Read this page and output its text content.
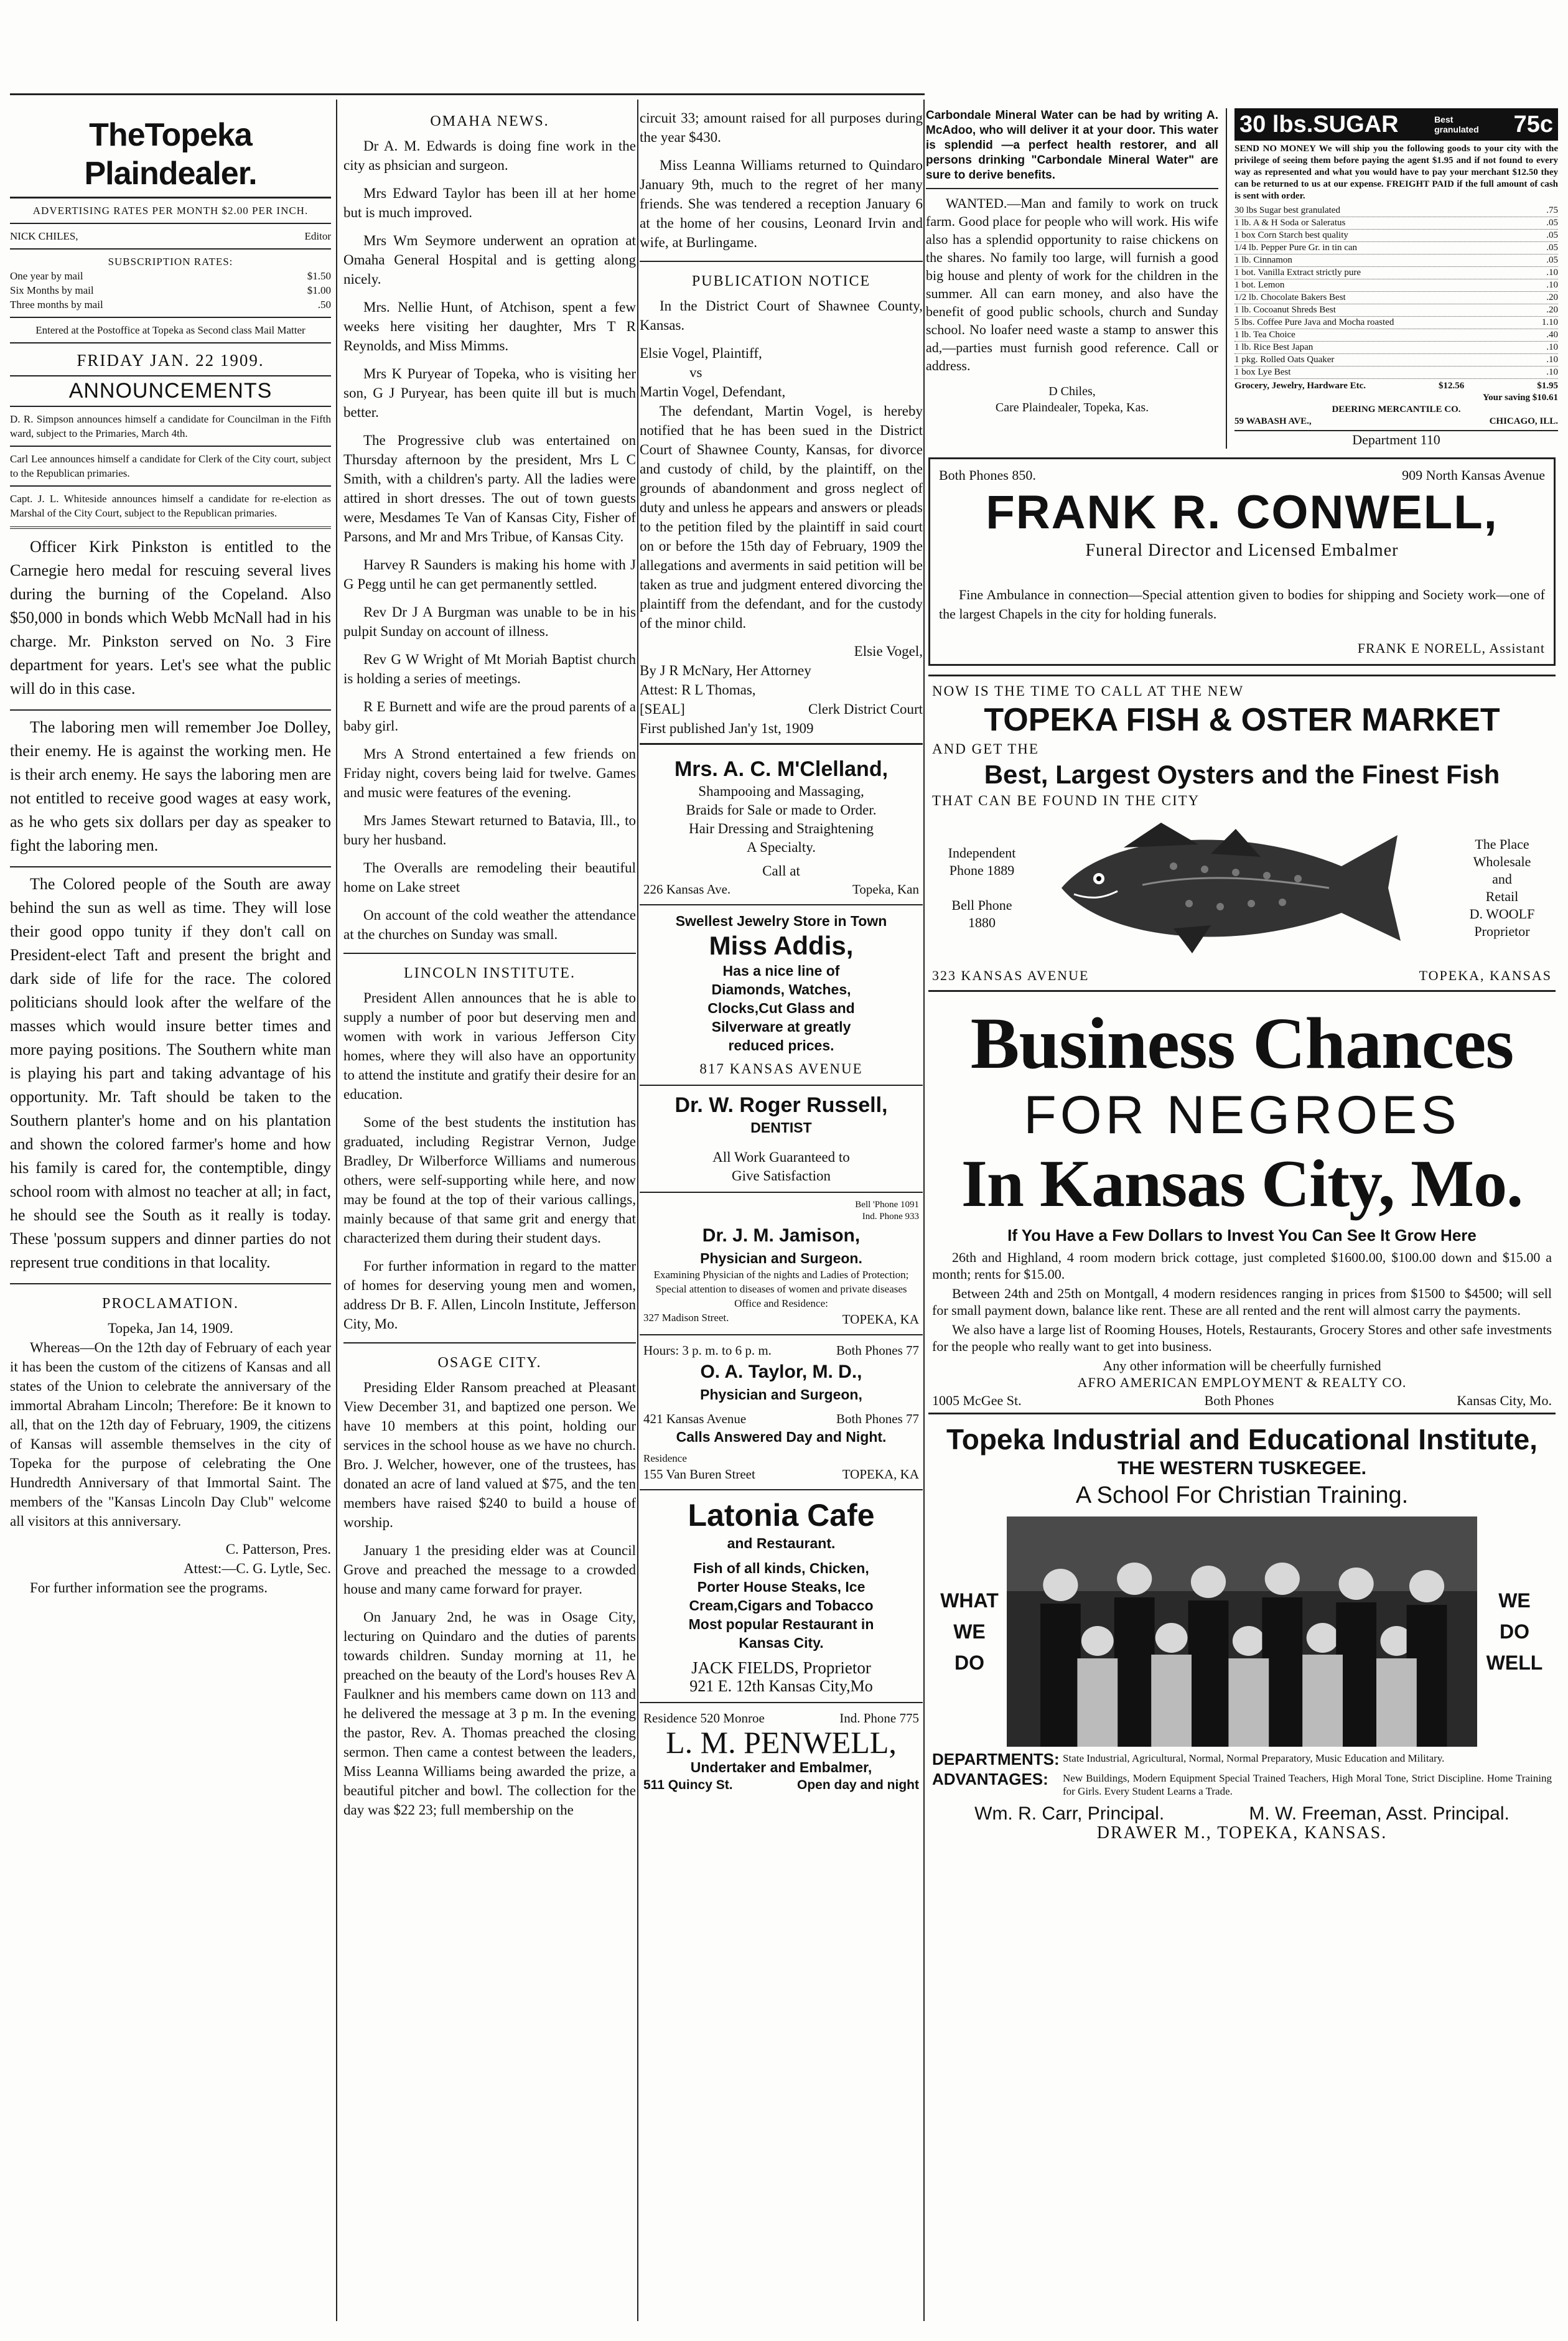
TheTopeka Plaindealer.
ADVERTISING RATES PER MONTH $2.00 PER INCH.
NICK CHILES,	Editor
SUBSCRIPTION RATES:
One year by mail	$1.50
Six Months by mail	$1.00
Three months by mail	.50
Entered at the Postoffice at Topeka as Second class Mail Matter
FRIDAY JAN. 22 1909.
ANNOUNCEMENTS
D. R. Simpson announces himself a candidate for Councilman in the Fifth ward, subject to the Primaries, March 4th.
Carl Lee announces himself a candidate for Clerk of the City court, subject to the Republican primaries.
Capt. J. L. Whiteside announces himself a candidate for re-election as Marshal of the City Court, subject to the Republican primaries.

Officer Kirk Pinkston is entitled to the Carnegie hero medal for rescuing several lives during the burning of the Copeland. Also $50,000 in bonds which Webb McNall had in his charge. Mr. Pinkston served on No. 3 Fire department for years. Let's see what the public will do in this case.

The laboring men will remember Joe Dolley, their enemy. He is against the working men. He is their arch enemy. He says the laboring men are not entitled to receive good wages at easy work, as he who gets six dollars per day as speaker to fight the laboring men.

The Colored people of the South are away behind the sun as well as time. They will lose their good oppo tunity if they don't call on President-elect Taft and present the bright and dark side of life for the race. The colored politicians should look after the welfare of the masses which would insure better times and more paying positions. The Southern white man is playing his part and taking advantage of his opportunity. Mr. Taft should be taken to the Southern planter's home and on his plantation and shown the colored farmer's home and how his family is cared for, the contemptible, dingy school room with almost no teacher at all; in fact, he should see the South as it really is today. These 'possum suppers and dinner parties do not represent true conditions in that locality.

PROCLAMATION.
Topeka, Jan 14, 1909.

Whereas—On the 12th day of February of each year it has been the custom of the citizens of Kansas and all states of the Union to celebrate the anniversary of the immortal Abraham Lincoln; Therefore: Be it known to all, that on the 12th day of February, 1909, the citizens of Kansas will assemble themselves in the city of Topeka for the purpose of celebrating the One Hundredth Anniversary of that Immortal Saint. The members of the "Kansas Lincoln Day Club" welcome all visitors at this anniversary.

C. Patterson, Pres.
Attest:—C. G. Lytle, Sec.

For further information see the programs.

OMAHA NEWS.

Dr A. M. Edwards is doing fine work in the city as phsician and surgeon.

Mrs Edward Taylor has been ill at her home but is much improved.

Mrs Wm Seymore underwent an opration at Omaha General Hospital and is getting along nicely.

Mrs. Nellie Hunt, of Atchison, spent a few weeks here visiting her daughter, Mrs T R Reynolds, and Miss Mimms.

Mrs K Puryear of Topeka, who is visiting her son, G J Puryear, has been quite ill but is much better.

The Progressive club was entertained on Thursday afternoon by the president, Mrs L C Smith, with a children's party. All the ladies were attired in short dresses. The out of town guests were, Mesdames Te Van of Kansas City, Fisher of Parsons, and Mr and Mrs Tribue, of Kansas City.

Harvey R Saunders is making his home with J G Pegg until he can get permanently settled.

Rev Dr J A Burgman was unable to be in his pulpit Sunday on account of illness.

Rev G W Wright of Mt Moriah Baptist church is holding a series of meetings.

R E Burnett and wife are the proud parents of a baby girl.

Mrs A Strond entertained a few friends on Friday night, covers being laid for twelve. Games and music were features of the evening.

Mrs James Stewart returned to Batavia, Ill., to bury her husband.

The Overalls are remodeling their beautiful home on Lake street

On account of the cold weather the attendance at the churches on Sunday was small.

LINCOLN INSTITUTE.

President Allen announces that he is able to supply a number of poor but deserving men and women with work in various Jefferson City homes, where they will also have an opportunity to attend the institute and gratify their desire for an education.

Some of the best students the institution has graduated, including Registrar Vernon, Judge Bradley, Dr Wilberforce Williams and numerous others, were self-supporting while here, and now may be found at the top of their various callings, mainly because of that same grit and energy that characterized them during their student days.

For further information in regard to the matter of homes for deserving young men and women, address Dr B. F. Allen, Lincoln Institute, Jefferson City, Mo.

OSAGE CITY.

Presiding Elder Ransom preached at Pleasant View December 31, and baptized one person. We have 10 members at this point, holding our services in the school house as we have no church. Bro. J. Welcher, however, one of the trustees, has donated an acre of land valued at $75, and the ten members have raised $240 to build a house of worship.

January 1 the presiding elder was at Council Grove and preached the message to a crowded house and many came forward for prayer.

On January 2nd, he was in Osage City, lecturing on Quindaro and the duties of parents towards children. Sunday morning at 11, he preached on the beauty of the Lord's houses Rev A Faulkner and his members came down on 113 and he delivered the message at 3 p m. In the evening the pastor, Rev. A. Thomas preached the closing sermon. Then came a contest between the leaders, Miss Leanna Williams being awarded the prize, a beautiful pitcher and bowl. The collection for the day was $22 23; full membership on the

circuit 33; amount raised for all purposes during the year $430.

Miss Leanna Williams returned to Quindaro January 9th, much to the regret of her many friends. She was tendered a reception January 6 at the home of her cousins, Leonard Irvin and wife, at Burlingame.

PUBLICATION NOTICE

In the District Court of Shawnee County, Kansas.

Elsie Vogel, Plaintiff,
vs
Martin Vogel, Defendant,

The defendant, Martin Vogel, is hereby notified that he has been sued in the District Court of Shawnee County, Kansas, for divorce and custody of child, by the plaintiff, on the grounds of abandonment and gross neglect of duty and unless he appears and answers or pleads to the petition filed by the plaintiff in said court on or before the 15th day of February, 1909 the allegations and averments in said petition will be taken as true and judgment entered divorcing the plaintiff from the defendant, and for the custody of the minor child.

Elsie Vogel,
By J R McNary, Her Attorney
Attest: R L Thomas,
[SEAL]	Clerk District Court
First published Jan'y 1st, 1909
Mrs. A. C. M'Clelland,
Shampooing and Massaging,
Braids for Sale or made to Order.
Hair Dressing and Straightening
A Specialty.
Call at
226 Kansas Ave.	Topeka, Kan
Swellest Jewelry Store in Town
Miss Addis,
Has a nice line of
Diamonds, Watches,
Clocks,Cut Glass and
Silverware at greatly
reduced prices.
817 KANSAS AVENUE
Dr. W. Roger Russell,
DENTIST
All Work Guaranteed to
Give Satisfaction
Bell 'Phone 1091
Ind. Phone 933
Dr. J. M. Jamison,
Physician and Surgeon.
Examining Physician of the nights and Ladies of Protection;
Special attention to diseases of women and private diseases
Office and Residence:
327 Madison Street.	TOPEKA, KA
Hours: 3 p. m. to 6 p. m.	Both Phones 77
O. A. Taylor, M. D.,
Physician and Surgeon,
421 Kansas Avenue	Both Phones 77
Calls Answered Day and Night.
Residence
155 Van Buren Street	TOPEKA, KA
Latonia Cafe
and Restaurant.
Fish of all kinds, Chicken,
Porter House Steaks, Ice
Cream,Cigars and Tobacco
Most popular Restaurant in
Kansas City.
JACK FIELDS, Proprietor
921 E. 12th Kansas City,Mo
Residence 520 Monroe	Ind. Phone 775
L. M. PENWELL,
Undertaker and Embalmer,
511 Quincy St.	Open day and night
Carbondale Mineral Water can be had by writing A. McAdoo, who will deliver it at your door. This water is splendid —a perfect health restorer, and all persons drinking "Carbondale Mineral Water" are sure to derive benefits.

WANTED.—Man and family to work on truck farm. Good place for people who will work. His wife also has a splendid opportunity to raise chickens on the shares. No family too large, will furnish a good big house and plenty of work for the children in the summer. All can earn money, and also have the benefit of good public schools, church and Sunday school. No loafer need waste a stamp to answer this ad,—parties must furnish good reference. Call or address.

D Chiles,
Care Plaindealer, Topeka, Kas.
30 lbs.SUGAR	Best granulated 75c
SEND NO MONEY We will ship you the following goods to your city with the privilege of seeing them before paying the agent $1.95 and if not found to every way as represented and what you would have to pay your merchant $12.50 they can be returned to us at our expense. FREIGHT PAID if the full amount of cash is sent with order.
30 lbs Sugar best granulated	.75
1 lb. A & H Soda or Saleratus	.05
1 box Corn Starch best quality	.05
1/4 lb. Pepper Pure Gr. in tin can	.05
1 lb. Cinnamon	.05
1 bot. Vanilla Extract strictly pure	.10
1 bot. Lemon	.10
1/2 lb. Chocolate Bakers Best	.20
1 lb. Cocoanut Shreds Best	.20
5 lbs. Coffee Pure Java and Mocha roasted	1.10
1 lb. Tea Choice	.40
1 lb. Rice Best Japan	.10
1 pkg. Rolled Oats Quaker	.10
1 box Lye Best	.10
Grocery, Jewelry, Hardware Etc.	$12.56	$1.95
Your saving $10.61
DEERING MERCANTILE CO.
59 WABASH AVE.,	CHICAGO, ILL.
Department 110
Both Phones 850.	909 North Kansas Avenue
FRANK R. CONWELL,
Funeral Director and Licensed Embalmer

Fine Ambulance in connection—Special attention given to bodies for shipping and Society work—one of the largest Chapels in the city for holding funerals.

FRANK E NORELL, Assistant
NOW IS THE TIME TO CALL AT THE NEW
TOPEKA FISH & OSTER MARKET
AND GET THE
Best, Largest Oysters and the Finest Fish
THAT CAN BE FOUND IN THE CITY
Independent
Phone 1889
Bell Phone
1880
The Place
Wholesale
and
Retail
D. WOOLF
Proprietor
323 KANSAS AVENUE	TOPEKA, KANSAS
Business Chances
FOR NEGROES
In Kansas City, Mo.
If You Have a Few Dollars to Invest You Can See It Grow Here

26th and Highland, 4 room modern brick cottage, just completed $1600.00, $100.00 down and $15.00 a month; rents for $15.00.

Between 24th and 25th on Montgall, 4 modern residences ranging in prices from $1500 to $4500; will sell for small payment down, balance like rent. These are all rented and the rent will almost carry the payments.

We also have a large list of Rooming Houses, Hotels, Restaurants, Grocery Stores and other safe investments for the people who really want to get into business.

Any other information will be cheerfully furnished
AFRO AMERICAN EMPLOYMENT & REALTY CO.
1005 McGee St.	Both Phones	Kansas City, Mo.
Topeka Industrial and Educational Institute,
THE WESTERN TUSKEGEE.
A School For Christian Training.
WHAT
WE
DO
WE
DO
WELL
DEPARTMENTS: State Industrial, Agricultural, Normal, Normal Preparatory, Music Education and Military.
ADVANTAGES:	New Buildings, Modern Equipment Special Trained Teachers, High Moral Tone, Strict Discipline. Home Training for Girls. Every Student Learns a Trade.
Wm. R. Carr, Principal.	M. W. Freeman, Asst. Principal.
DRAWER M., TOPEKA, KANSAS.
